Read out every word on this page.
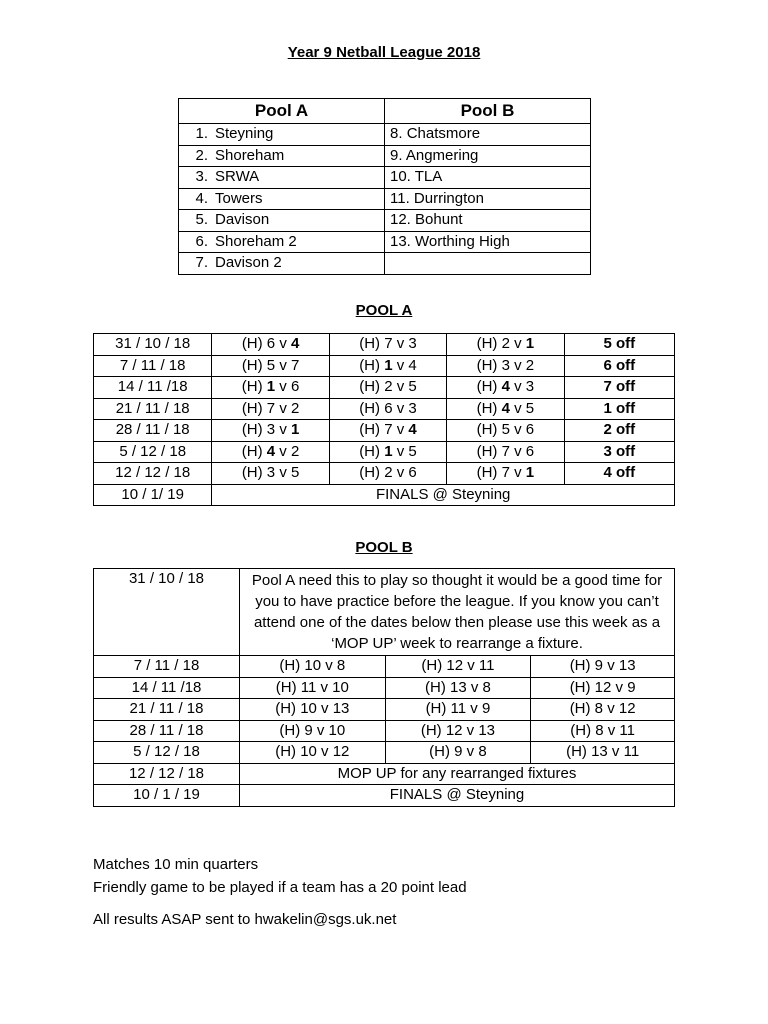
Year 9 Netball League 2018
Pool A	Pool B
1. Steyning	8. Chatsmore
2. Shoreham	9. Angmering
3. SRWA	10. TLA
4. Towers	11. Durrington
5. Davison	12. Bohunt
6. Shoreham 2	13. Worthing High
7. Davison 2	
POOL A
31 / 10 / 18	(H) 6 v 4	(H) 7 v 3	(H) 2 v 1	5 off
7 / 11 / 18	(H) 5 v 7	(H) 1 v 4	(H) 3 v 2	6 off
14 / 11 /18	(H) 1 v 6	(H) 2 v 5	(H) 4 v 3	7 off
21 / 11 / 18	(H) 7 v 2	(H) 6 v 3	(H) 4 v 5	1 off
28 / 11 / 18	(H) 3 v 1	(H) 7 v 4	(H) 5 v 6	2 off
5 / 12 / 18	(H) 4 v 2	(H) 1 v 5	(H) 7 v 6	3 off
12 / 12 / 18	(H) 3 v 5	(H) 2 v 6	(H) 7 v 1	4 off
10 / 1/ 19	FINALS @ Steyning			
POOL B
31 / 10 / 18	Pool A need this to play so thought it would be a good time for you to have practice before the league. If you know you can’t attend one of the dates below then please use this week as a ‘MOP UP’ week to rearrange a fixture.		
7 / 11 / 18	(H) 10 v 8	(H) 12 v 11	(H) 9 v 13
14 / 11 /18	(H) 11 v 10	(H) 13 v 8	(H) 12 v 9
21 / 11 / 18	(H) 10 v 13	(H) 11 v 9	(H) 8 v 12
28 / 11 / 18	(H) 9 v 10	(H) 12 v 13	(H) 8 v 11
5 / 12 / 18	(H) 10 v 12	(H) 9 v 8	(H) 13 v 11
12 / 12 / 18	MOP UP for any rearranged fixtures		
10 / 1 / 19	FINALS @ Steyning		
Matches 10 min quarters
Friendly game to be played if a team has a 20 point lead
All results ASAP sent to hwakelin@sgs.uk.net
